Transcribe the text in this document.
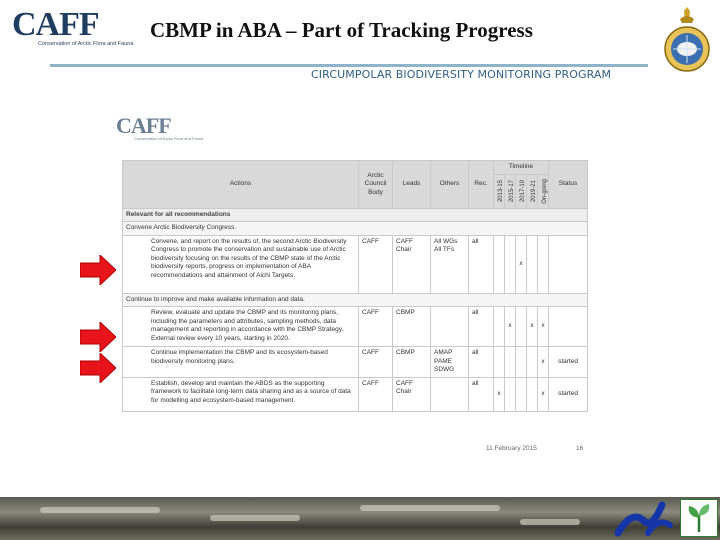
CAFF
Conservation of Arctic Flora and Fauna
CBMP in ABA – Part of Tracking Progress
CIRCUMPOLAR BIODIVERSITY MONITORING PROGRAM
CAFF
Conservation of Arctic Flora and Fauna
Actions	Arctic Council Body	Leads	Others	Rec.	Timeline					Status

					2013-15	2015-17	2017-19	2019-21	On-going	

Relevant for all recommendations										
Convene Arctic Biodiversity Congress.										
Convene, and report on the results of, the second Arctic Biodiversity Congress to promote the conservation and sustainable use of Arctic biodiversity focusing on the results of the CBMP state of the Arctic biodiversity reports, progress on implementation of ABA recommendations and attainment of Aichi Targets.	CAFF	CAFF Chair	All WGs All TFs	all			x			
Continue to improve and make available information and data.										
Review, evaluate and update the CBMP and its monitoring plans, including the parameters and attributes, sampling methods, data management and reporting in accordance with the CBMP Strategy. External review every 10 years, starting in 2020.	CAFF	CBMP		all		x		x	x	
Continue implementation the CBMP and its ecosystem-based biodiversity monitoring plans.	CAFF	CBMP	AMAP PAME SDWG	all					x	started
Establish, develop and maintain the ABDS as the supporting framework to facilitate long-term data sharing and as a source of data for modelling and ecosystem-based management.	CAFF	CAFF Chair		all	x				x	started
11 February 2015	16
